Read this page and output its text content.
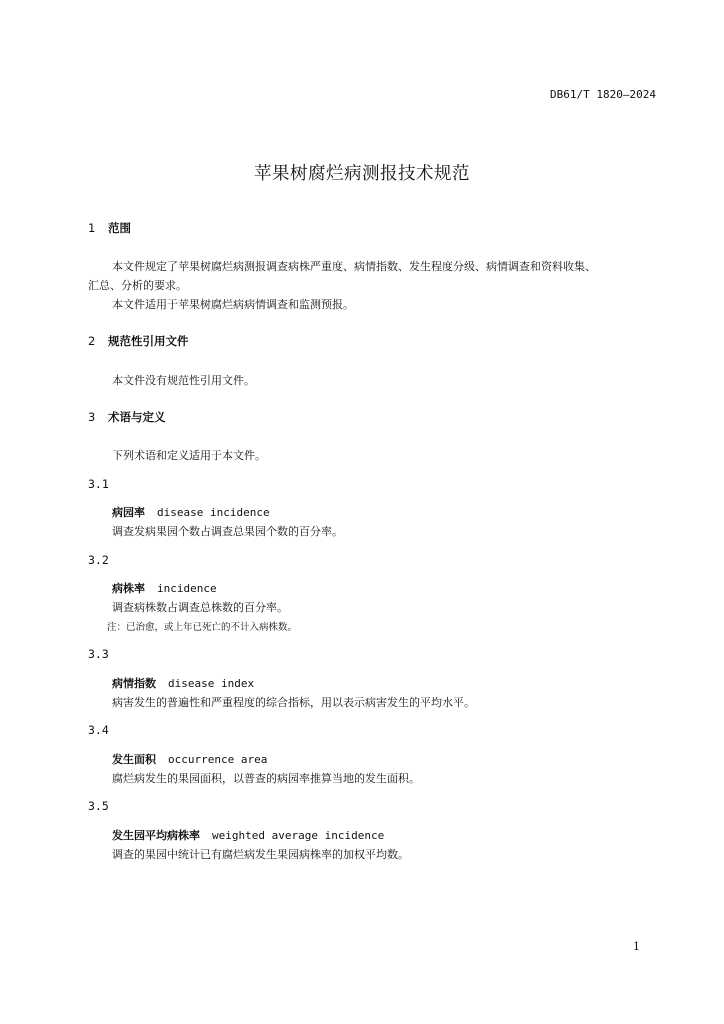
DB61/T 1820—2024
苹果树腐烂病测报技术规范
1 范围
本文件规定了苹果树腐烂病测报调查病株严重度、病情指数、发生程度分级、病情调查和资料收集、
汇总、分析的要求。
本文件适用于苹果树腐烂病病情调查和监测预报。
2 规范性引用文件
本文件没有规范性引用文件。
3 术语与定义
下列术语和定义适用于本文件。
3.1
病园率 disease incidence
调查发病果园个数占调查总果园个数的百分率。
3.2
病株率 incidence
调查病株数占调查总株数的百分率。
注：已治愈，或上年已死亡的不计入病株数。
3.3
病情指数 disease index
病害发生的普遍性和严重程度的综合指标，用以表示病害发生的平均水平。
3.4
发生面积 occurrence area
腐烂病发生的果园面积，以普查的病园率推算当地的发生面积。
3.5
发生园平均病株率 weighted average incidence
调查的果园中统计已有腐烂病发生果园病株率的加权平均数。
1
